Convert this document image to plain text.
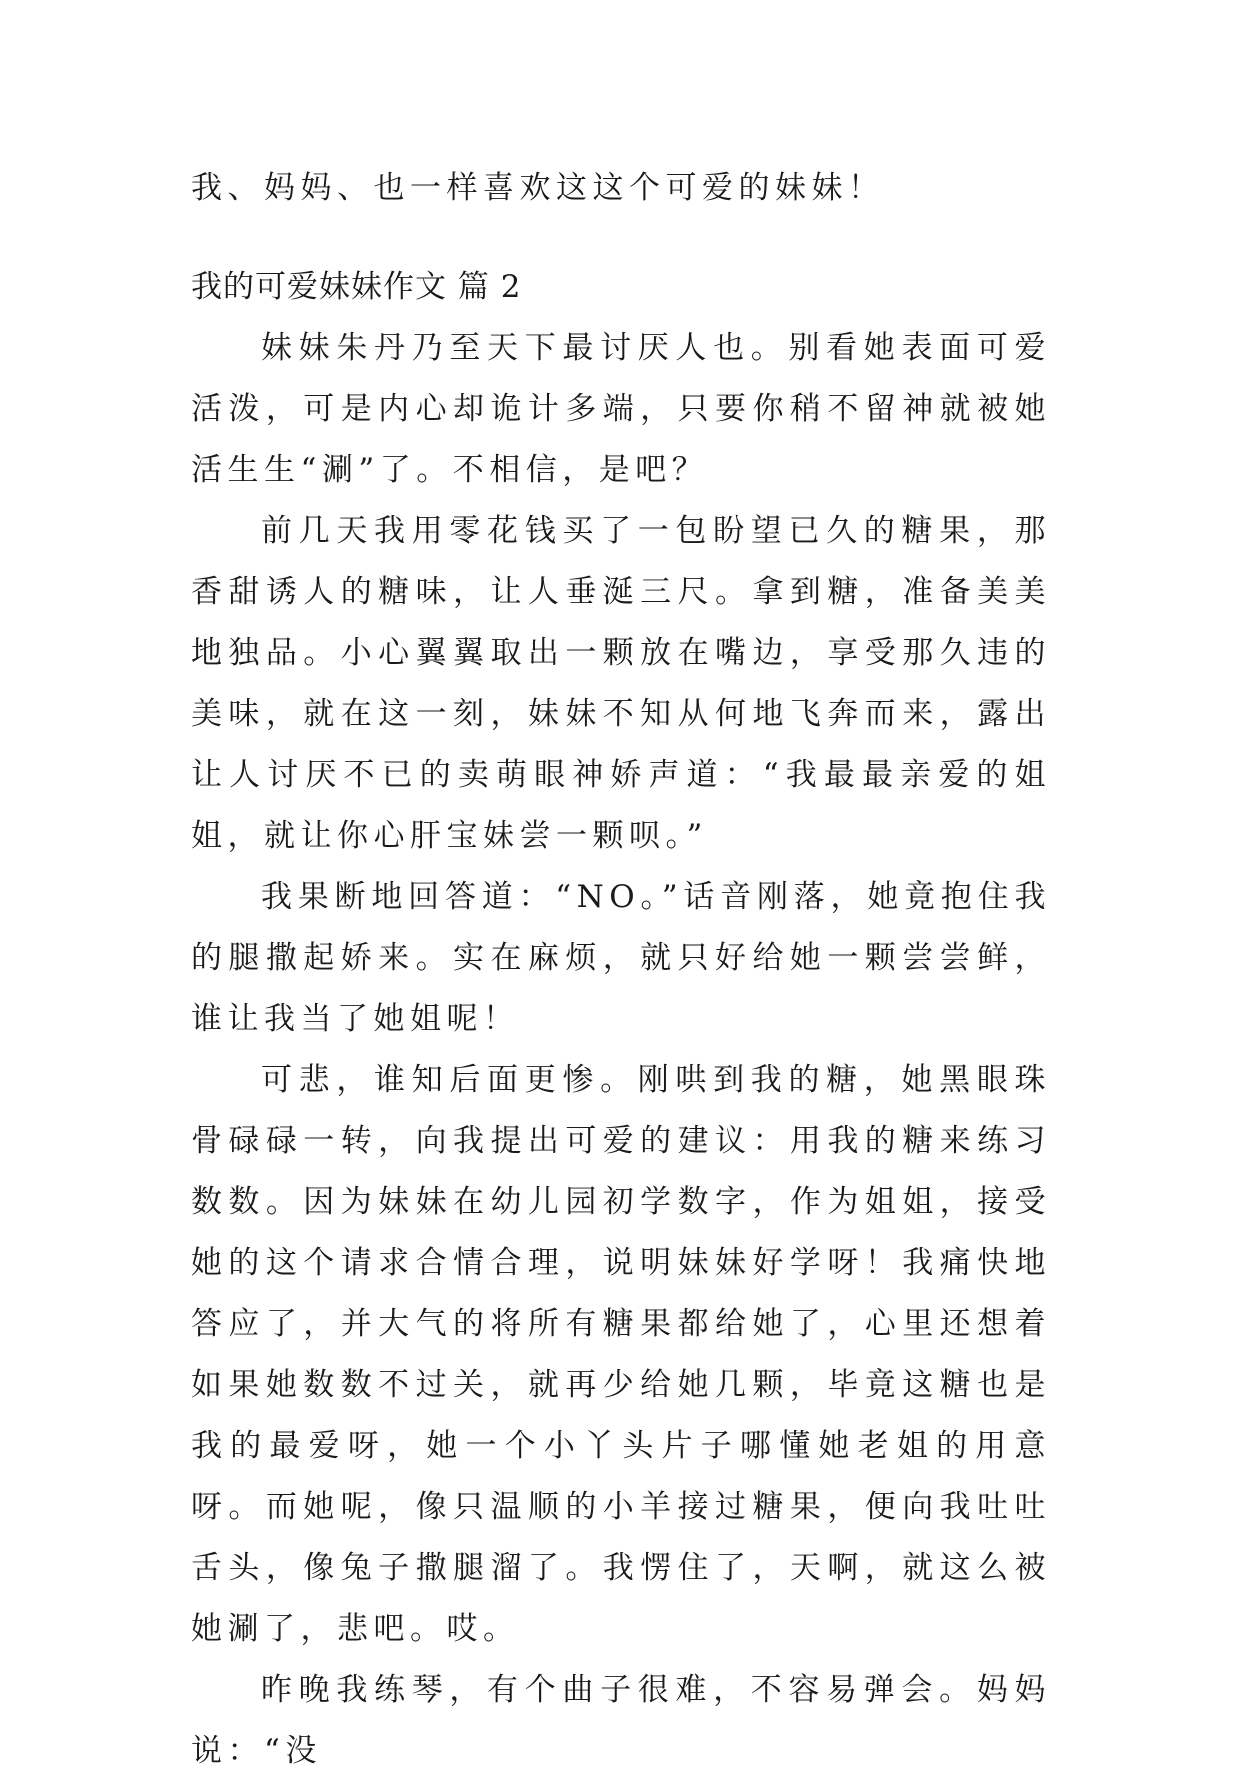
我、妈妈、也一样喜欢这这个可爱的妹妹！

我的可爱妹妹作文 篇 2

妹妹朱丹乃至天下最讨厌人也。别看她表面可爱活泼，可是内心却诡计多端，只要你稍不留神就被她活生生“涮”了。不相信，是吧？

前几天我用零花钱买了一包盼望已久的糖果，那香甜诱人的糖味，让人垂涎三尺。拿到糖，准备美美地独品。小心翼翼取出一颗放在嘴边，享受那久违的美味，就在这一刻，妹妹不知从何地飞奔而来，露出让人讨厌不已的卖萌眼神娇声道：“我最最亲爱的姐姐，就让你心肝宝妹尝一颗呗。”

我果断地回答道：“NO。”话音刚落，她竟抱住我的腿撒起娇来。实在麻烦，就只好给她一颗尝尝鲜，谁让我当了她姐呢！

可悲，谁知后面更惨。刚哄到我的糖，她黑眼珠骨碌碌一转，向我提出可爱的建议：用我的糖来练习数数。因为妹妹在幼儿园初学数字，作为姐姐，接受她的这个请求合情合理，说明妹妹好学呀！我痛快地答应了，并大气的将所有糖果都给她了，心里还想着如果她数数不过关，就再少给她几颗，毕竟这糖也是我的最爱呀，她一个小丫头片子哪懂她老姐的用意呀。而她呢，像只温顺的小羊接过糖果，便向我吐吐舌头，像兔子撒腿溜了。我愣住了，天啊，就这么被她涮了，悲吧。哎。

昨晚我练琴，有个曲子很难，不容易弹会。妈妈说：“没
